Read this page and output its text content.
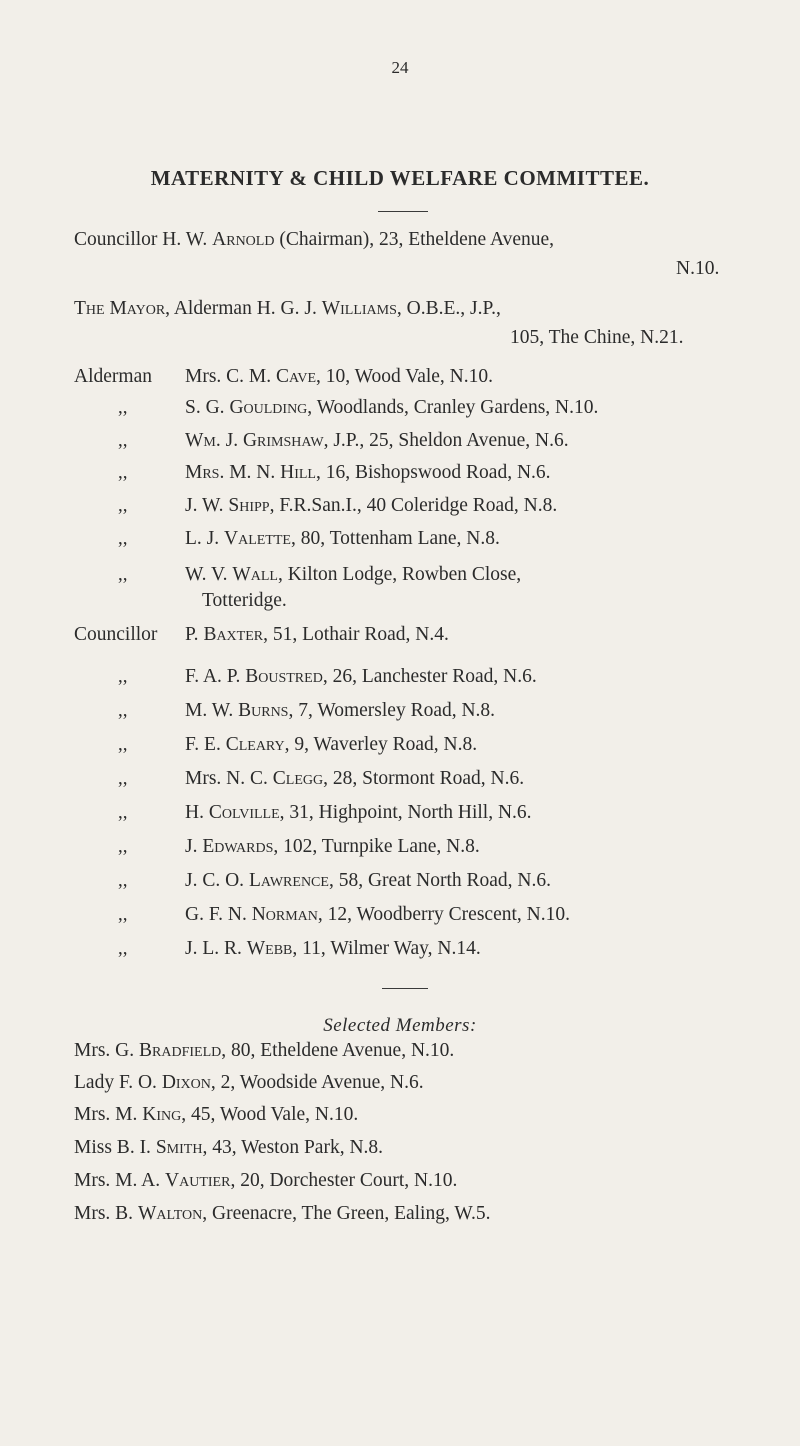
24
MATERNITY & CHILD WELFARE COMMITTEE.
Councillor H. W. Arnold (Chairman), 23, Etheldene Avenue,
N.10.
The Mayor, Alderman H. G. J. Williams, O.B.E., J.P.,
105, The Chine, N.21.
Alderman Mrs. C. M. Cave, 10, Wood Vale, N.10.
,,	S. G. Goulding, Woodlands, Cranley Gardens, N.10.
,,	Wm. J. Grimshaw, J.P., 25, Sheldon Avenue, N.6.
,,	Mrs. M. N. Hill, 16, Bishopswood Road, N.6.
,,	J. W. Shipp, F.R.San.I., 40 Coleridge Road, N.8.
,,	L. J. Valette, 80, Tottenham Lane, N.8.
,,	W. V. Wall, Kilton Lodge, Rowben Close,
Totteridge.
Councillor P. Baxter, 51, Lothair Road, N.4.
,,	F. A. P. Boustred, 26, Lanchester Road, N.6.
,,	M. W. Burns, 7, Womersley Road, N.8.
,,	F. E. Cleary, 9, Waverley Road, N.8.
,,	Mrs. N. C. Clegg, 28, Stormont Road, N.6.
,,	H. Colville, 31, Highpoint, North Hill, N.6.
,,	J. Edwards, 102, Turnpike Lane, N.8.
,,	J. C. O. Lawrence, 58, Great North Road, N.6.
,,	G. F. N. Norman, 12, Woodberry Crescent, N.10.
,,	J. L. R. Webb, 11, Wilmer Way, N.14.
Selected Members:
Mrs. G. Bradfield, 80, Etheldene Avenue, N.10.
Lady F. O. Dixon, 2, Woodside Avenue, N.6.
Mrs. M. King, 45, Wood Vale, N.10.
Miss B. I. Smith, 43, Weston Park, N.8.
Mrs. M. A. Vautier, 20, Dorchester Court, N.10.
Mrs. B. Walton, Greenacre, The Green, Ealing, W.5.
